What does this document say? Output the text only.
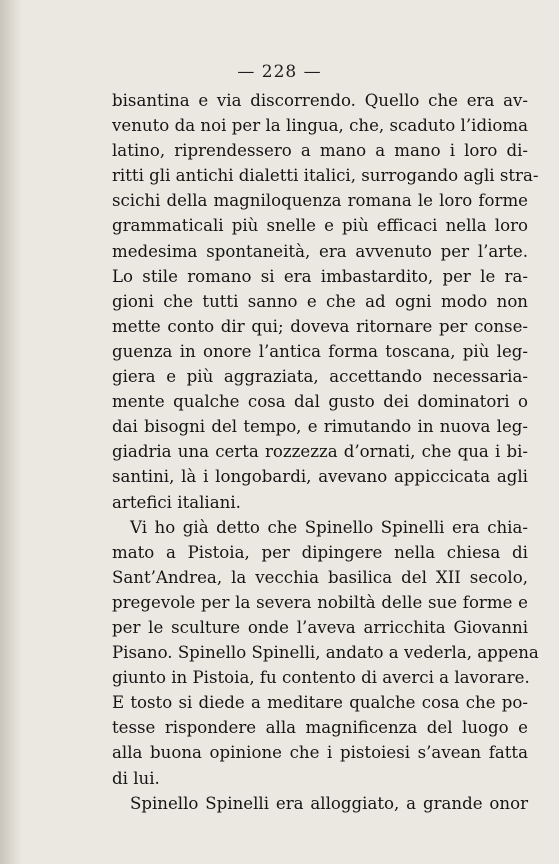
— 228 —
bisantina e via discorrendo. Quello che era av-
venuto da noi per la lingua, che, scaduto l’idioma
latino, riprendessero a mano a mano i loro di-
ritti gli antichi dialetti italici, surrogando agli stra-
scichi della magniloquenza romana le loro forme
grammaticali più snelle e più efficaci nella loro
medesima spontaneità, era avvenuto per l’arte.
Lo stile romano si era imbastardito, per le ra-
gioni che tutti sanno e che ad ogni modo non
mette conto dir qui; doveva ritornare per conse-
guenza in onore l’antica forma toscana, più leg-
giera e più aggraziata, accettando necessaria-
mente qualche cosa dal gusto dei dominatori o
dai bisogni del tempo, e rimutando in nuova leg-
giadria una certa rozzezza d’ornati, che qua i bi-
santini, là i longobardi, avevano appiccicata agli
artefici italiani.
Vi ho già detto che Spinello Spinelli era chia-
mato a Pistoia, per dipingere nella chiesa di
Sant’Andrea, la vecchia basilica del XII secolo,
pregevole per la severa nobiltà delle sue forme e
per le sculture onde l’aveva arricchita Giovanni
Pisano. Spinello Spinelli, andato a vederla, appena
giunto in Pistoia, fu contento di averci a lavorare.
E tosto si diede a meditare qualche cosa che po-
tesse rispondere alla magnificenza del luogo e
alla buona opinione che i pistoiesi s’avean fatta
di lui.
Spinello Spinelli era alloggiato, a grande onor
